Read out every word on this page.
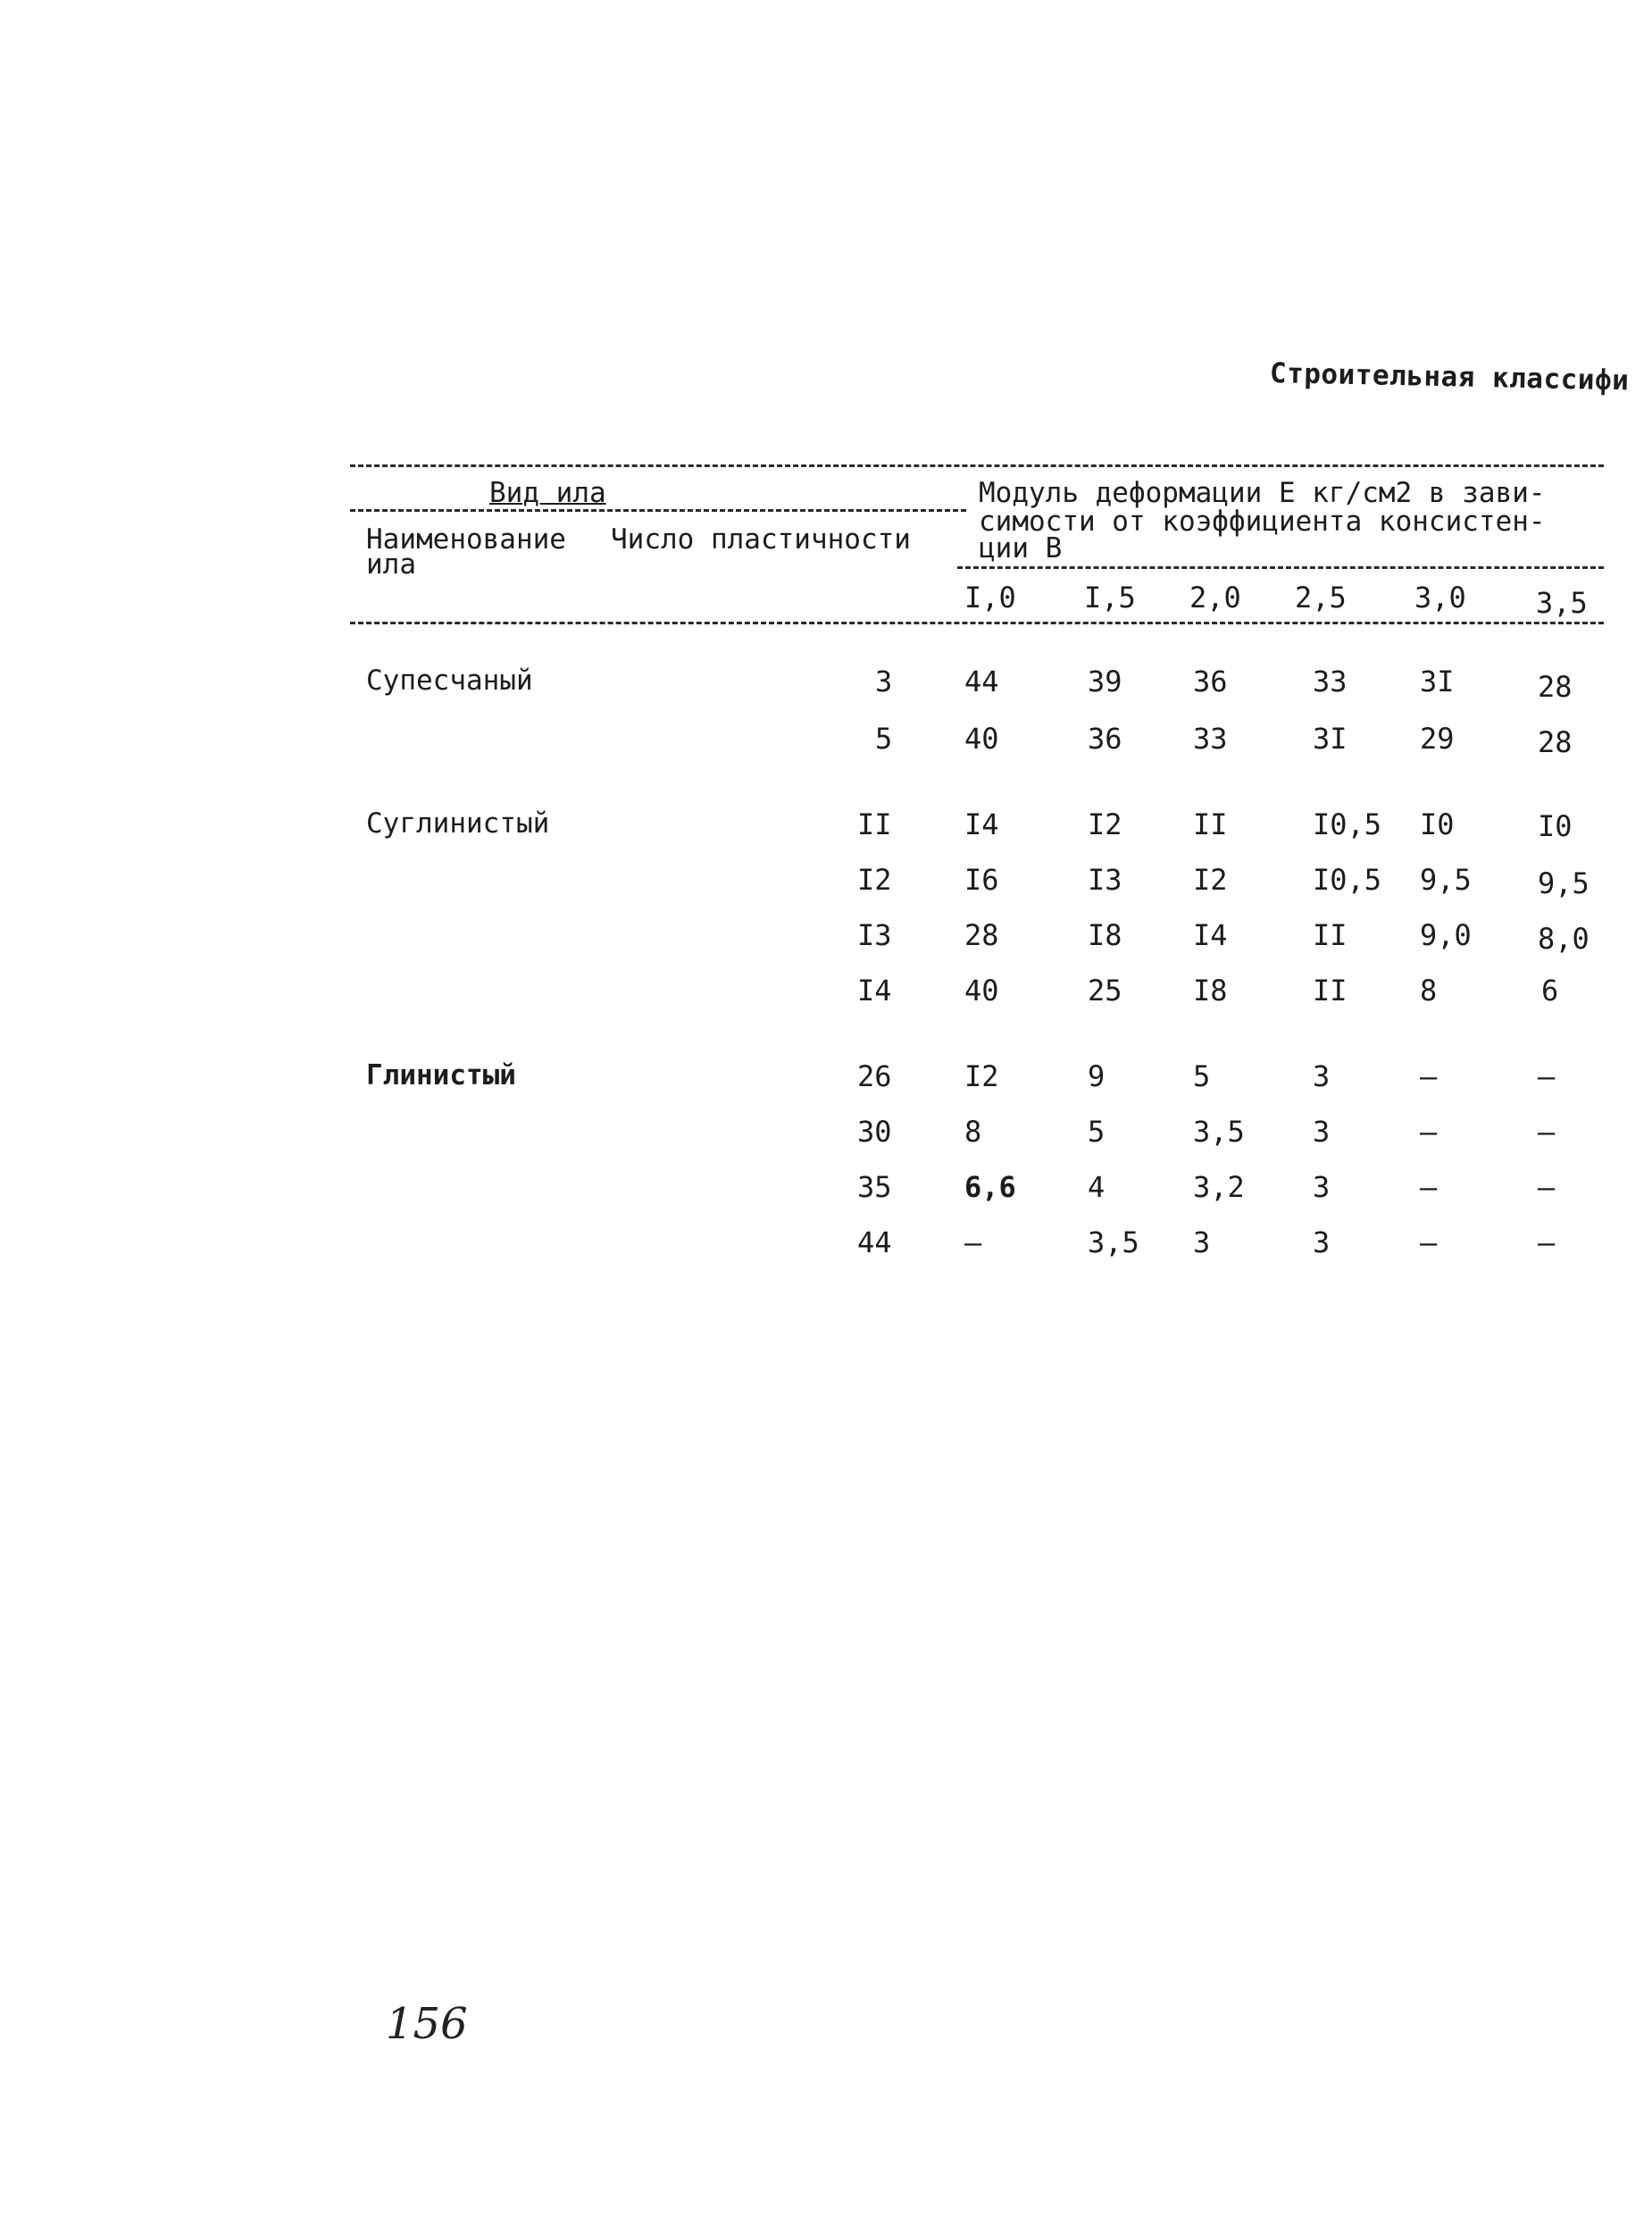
Строительная классифи
Вид ила
Наименование
ила
Число пластичности
Модуль деформации Е кг/см2 в зави-
симости от коэффициента консистен-
ции В
I,0 I,5 2,0 2,5 3,0 3,5
Супесчаный	3	44	39 36	33	3I	28
5	40	36 33	3I	29	28
Суглинистый	II	I4	I2 II	I0,5 I0	I0
I2	I6	I3 I2	I0,5 9,5 9,5
I3	28	I8 I4	II	9,0 8,0
I4	40	25 I8	II	8	6
Глинистый	26	I2	9	5	3	–	–
30	8	5	3,5 3	–	–
35	6,6	4	3,2 3	–	–
44	–	3,5 3	3	–	–
156
